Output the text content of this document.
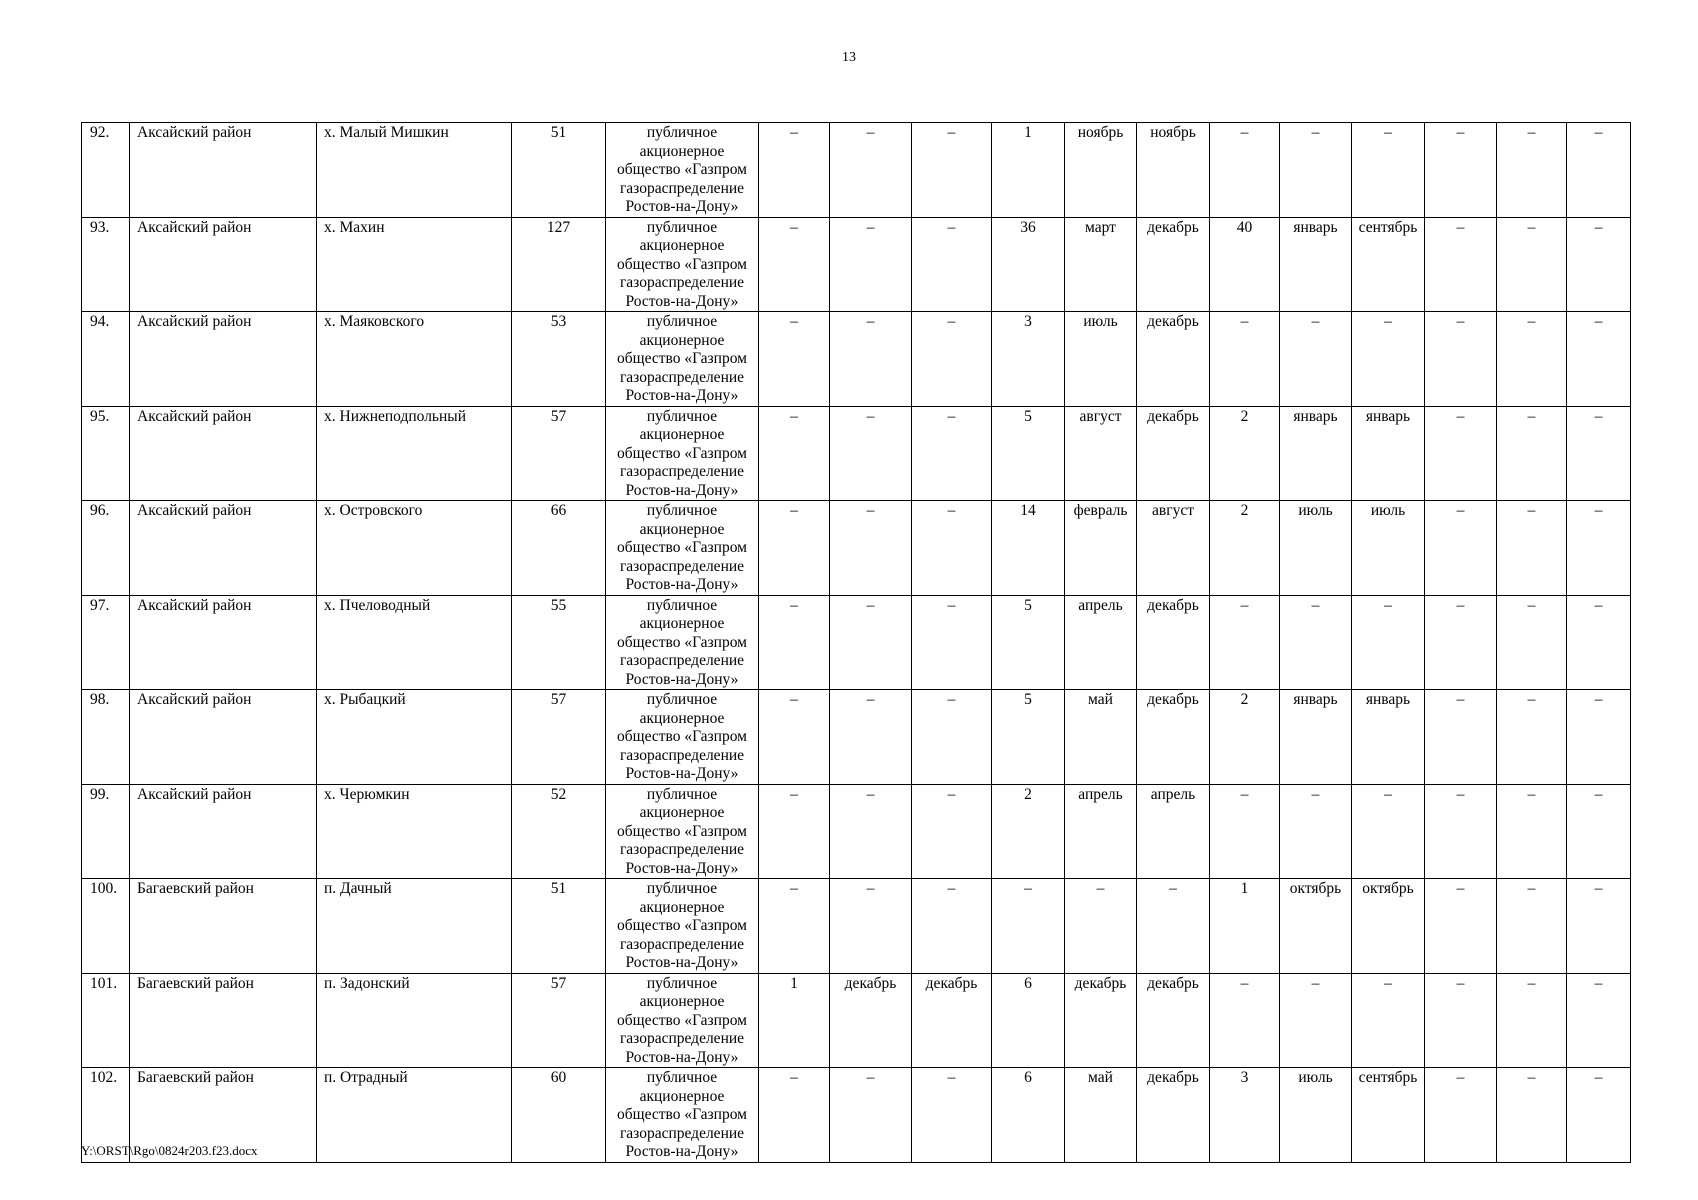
13
92.	Аксайский район	х. Малый Мишкин	51	публичное акционерное общество «Газпром газораспределение Ростов-на-Дону»	–	–	–	1	ноябрь	ноябрь	–	–	–	–	–	–
93.	Аксайский район	х. Махин	127	публичное акционерное общество «Газпром газораспределение Ростов-на-Дону»	–	–	–	36	март	декабрь	40	январь	сентябрь	–	–	–
94.	Аксайский район	х. Маяковского	53	публичное акционерное общество «Газпром газораспределение Ростов-на-Дону»	–	–	–	3	июль	декабрь	–	–	–	–	–	–
95.	Аксайский район	х. Нижнеподпольный	57	публичное акционерное общество «Газпром газораспределение Ростов-на-Дону»	–	–	–	5	август	декабрь	2	январь	январь	–	–	–
96.	Аксайский район	х. Островского	66	публичное акционерное общество «Газпром газораспределение Ростов-на-Дону»	–	–	–	14	февраль	август	2	июль	июль	–	–	–
97.	Аксайский район	х. Пчеловодный	55	публичное акционерное общество «Газпром газораспределение Ростов-на-Дону»	–	–	–	5	апрель	декабрь	–	–	–	–	–	–
98.	Аксайский район	х. Рыбацкий	57	публичное акционерное общество «Газпром газораспределение Ростов-на-Дону»	–	–	–	5	май	декабрь	2	январь	январь	–	–	–
99.	Аксайский район	х. Черюмкин	52	публичное акционерное общество «Газпром газораспределение Ростов-на-Дону»	–	–	–	2	апрель	апрель	–	–	–	–	–	–
100.	Багаевский район	п. Дачный	51	публичное акционерное общество «Газпром газораспределение Ростов-на-Дону»	–	–	–	–	–	–	1	октябрь	октябрь	–	–	–
101.	Багаевский район	п. Задонский	57	публичное акционерное общество «Газпром газораспределение Ростов-на-Дону»	1	декабрь	декабрь	6	декабрь	декабрь	–	–	–	–	–	–
102.	Багаевский район	п. Отрадный	60	публичное акционерное общество «Газпром газораспределение Ростов-на-Дону»	–	–	–	6	май	декабрь	3	июль	сентябрь	–	–	–
Y:\ORST\Rgo\0824r203.f23.docx
